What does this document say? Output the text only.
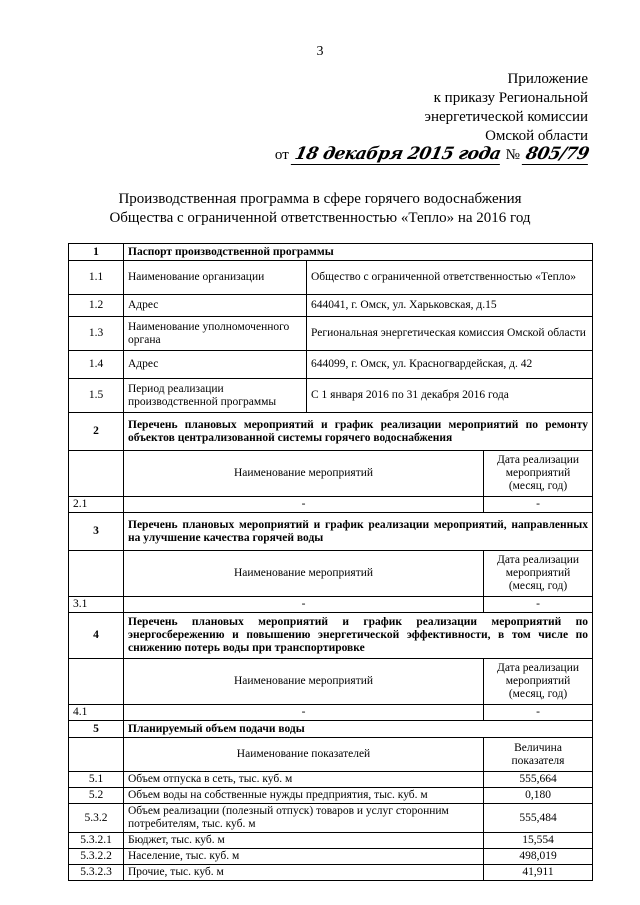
3
Приложение
к приказу Региональной
энергетической комиссии
Омской области
от 18 декабря 2015 года № 805/79
Производственная программа в сфере горячего водоснабжения
Общества с ограниченной ответственностью «Тепло» на 2016 год
1	Паспорт производственной программы		
1.1	Наименование организации	Общество с ограниченной ответственностью «Тепло»	
1.2	Адрес	644041, г. Омск, ул. Харьковская, д.15	
1.3	Наименование уполномоченного органа	Региональная энергетическая комиссия Омской области	
1.4	Адрес	644099, г. Омск, ул. Красногвардейская, д. 42	
1.5	Период реализации производственной программы	С 1 января 2016 по 31 декабря 2016 года	
2	Перечень плановых мероприятий и график реализации мероприятий по ремонту объектов централизованной системы горячего водоснабжения		
	Наименование мероприятий		Дата реализации мероприятий (месяц, год)
2.1	-		-
3	Перечень плановых мероприятий и график реализации мероприятий, направленных на улучшение качества горячей воды		
	Наименование мероприятий		Дата реализации мероприятий (месяц, год)
3.1	-		-
4	Перечень плановых мероприятий и график реализации мероприятий по энергосбережению и повышению энергетической эффективности, в том числе по снижению потерь воды при транспортировке		
	Наименование мероприятий		Дата реализации мероприятий (месяц, год)
4.1	-		-
5	Планируемый объем подачи воды		
	Наименование показателей		Величина показателя
5.1	Объем отпуска в сеть, тыс. куб. м		555,664
5.2	Объем воды на собственные нужды предприятия, тыс. куб. м		0,180
5.3.2	Объем реализации (полезный отпуск) товаров и услуг сторонним потребителям, тыс. куб. м		555,484
5.3.2.1	Бюджет, тыс. куб. м		15,554
5.3.2.2	Население, тыс. куб. м		498,019
5.3.2.3	Прочие, тыс. куб. м		41,911
